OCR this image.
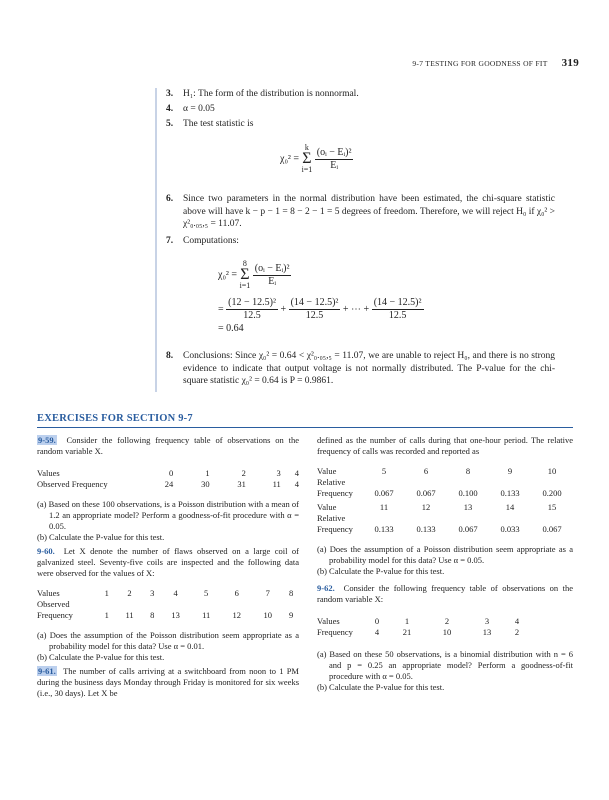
9-7 TESTING FOR GOODNESS OF FIT 319
3. H₁: The form of the distribution is nonnormal.
4. α = 0.05
5. The test statistic is
χ₀² = k
Σ
$i=1 \frac{\text{(oᵢ − Eᵢ)²}}{\text{Eᵢ}}$
6. Since two parameters in the normal distribution have been estimated, the chi-square statistic above will have k − p − 1 = 8 − 2 − 1 = 5 degrees of freedom. Therefore, we will reject H₀ if χ₀² > χ²₀.₀₅,₅ = 11.07.
7. Computations:
χ₀² = 8
Σ
$i=1 \frac{\text{(oᵢ − Eᵢ)²}}{\text{Eᵢ}}$
= $\frac{\text{(12 − 12.5)²}}{12.5} + \frac{\text{(14 − 12.5)²}}{12.5}$ + ⋯ + $\frac{\text{(14 − 12.5)²}}{12.5}$
= 0.64
8. Conclusions: Since χ₀² = 0.64 < χ²₀.₀₅,₅ = 11.07, we are unable to reject H₀, and there is no strong evidence to indicate that output voltage is not normally distributed. The P-value for the chi-square statistic χ₀² = 0.64 is P = 0.9861.
EXERCISES FOR SECTION 9-7

9-59. Consider the following frequency table of observations on the random variable X.

Values	0	1	2	3	4
Observed Frequency	24	30	31	11	4

(a) Based on these 100 observations, is a Poisson distribution with a mean of 1.2 an appropriate model? Perform a goodness-of-fit procedure with α = 0.05.

(b) Calculate the P-value for this test.

9-60. Let X denote the number of flaws observed on a large coil of galvanized steel. Seventy-five coils are inspected and the following data were observed for the values of X:

Values	1	2	3	4	5	6	7	8
Observed								
Frequency	1	11	8	13	11	12	10	9

(a) Does the assumption of the Poisson distribution seem appropriate as a probability model for this data? Use α = 0.01.

(b) Calculate the P-value for this test.

9-61. The number of calls arriving at a switchboard from noon to 1 PM during the business days Monday through Friday is monitored for six weeks (i.e., 30 days). Let X be

defined as the number of calls during that one-hour period. The relative frequency of calls was recorded and reported as

Value	5	6	8	9	10
Relative					
Frequency	0.067	0.067	0.100	0.133	0.200
Value	11	12	13	14	15
Relative					
Frequency	0.133	0.133	0.067	0.033	0.067

(a) Does the assumption of a Poisson distribution seem appropriate as a probability model for this data? Use α = 0.05.

(b) Calculate the P-value for this test.

9-62. Consider the following frequency table of observations on the random variable X:

Values	0	1	2	3	4
Frequency	4	21	10	13	2

(a) Based on these 50 observations, is a binomial distribution with n = 6 and p = 0.25 an appropriate model? Perform a goodness-of-fit procedure with α = 0.05.

(b) Calculate the P-value for this test.
